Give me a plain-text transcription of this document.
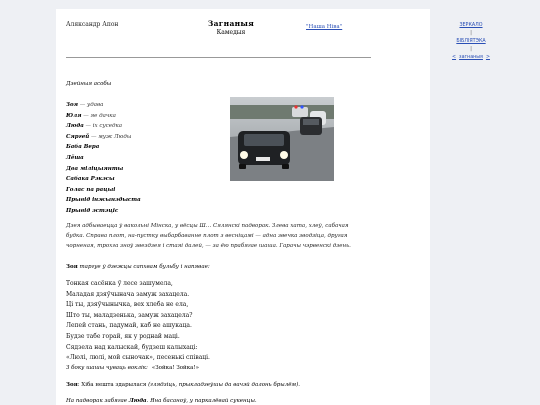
Аляксандр Апон	Загнаныя
Камедыя
"Наша Ніва"
Дзейныя асобы
Зоя — удава
Юля — яе дачка
Люда — іх суседка
Сяргей — муж Люды
Баба Вера
Лёша
Два міліцыянты
Сабака Рэкэсы
Голас па рацыі
Прывід інжынэдыста
Прывід эстэціс
Дзея адбываецца ў вакольні Мінска, у вёсцы Ш… Сялянскі падворак. Злева хата, хлеў, сабачая будка. Справа плот, на-пустку выбарбаванне плот з весніцамі — адна звечка зводзіца, другая чорненая, трохга зноў звездзея і стаяі далей, — за ёю прабягае шаша. Гарачы чэрвенскі дзень.
Зоя таргуе ў дзежцы сапхвам бульбу і напявае:
Тонкая сасёнка ў лесе зашумела,
Маладая дзяўчынача замуж захацела.
Ці ты, дзяўчынычка, вех хлеба не ела,
Што ты, маладзенька, замуж захацела?
Лепей стань, падумай, каб не ашукаца.
Будзе табе горай, як у роднай маці.
Сядзела над калыскай, будзеш калыхаці:
«Люлі, люлі, мой сыночак», песенькі співаці.
З боку шашы чуваць воклік: «Зойка! Зойка!»
Зоя: Хіба нешта здарылася (глядзіць, прыкладзеўшы да вачэй далонь брылём).
На падворак забягае Люда. Яна басаноў, у паркалёвай сукенцы.
ЗЕРКАЛО
|
БІБЛІЯТЭКА
|
< загнаныя >
